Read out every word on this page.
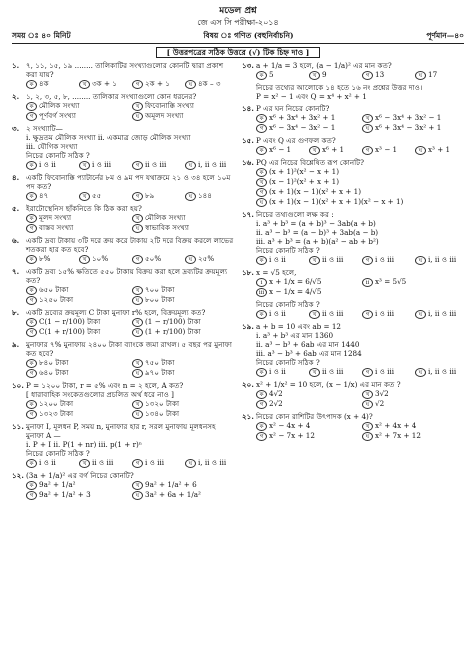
মডেল প্রশ্ন
জে এস সি পরীক্ষা-২০১৪
সময় ঃ ৪০ মিনিট	বিষয় ঃ গণিত (বহুনির্বাচনি)	পূর্ণমান—৪০
[ উত্তরপত্রের সঠিক উত্তরে (√) টিক চিহ্ন দাও ]
১. ৭, ১১, ১৫, ১৯ ........ তালিকাটির সংখ্যাগুলোর কোনটি দ্বারা প্রকাশ করা যায়?
ক ৪ক	খ ৩ক + ১	গ ২ক + ১	ঘ ৪ক – ৩
২. ১, ২, ৩, ৫, ৮, ........ তালিকার সংখ্যাগুলো কোন ধরনের?
ক মৌলিক সংখ্যা	খ ফিবোনাক্কি সংখ্যা
গ পূর্ণবর্গ সংখ্যা	ঘ অমূলদ সংখ্যা
৩. ২ সংখ্যাটি—
i. ক্ষুদ্রতম মৌলিক সংখ্যা ii. একমাত্র জোড় মৌলিক সংখ্যা
iii. যৌগিক সংখ্যা
নিচের কোনটি সঠিক ?
ক i ও ii	খ i ও iii	গ ii ও iii	ঘ i, ii ও iii
৪. একটি ফিবোনাক্কি প্যাটার্নের ৮ম ও ৯ম পদ যথাক্রমে ২১ ও ৩৪ হলে ১০ম পদ কত?
ক ৪৭	খ ৫৫	গ ৮৯	ঘ ১৪৪
৫. ইরাটোস্থেনিস ছাঁকনিতে কি ঠিক করা হয়?
ক মূলদ সংখ্যা	খ মৌলিক সংখ্যা
গ বাস্তব সংখ্যা	ঘ স্বাভাবিক সংখ্যা
৬. একটি দ্রব্য টাকায় ৩টি দরে ক্রয় করে টাকায় ২টি দরে বিক্রয় করলে লাভের শতকরা হার কত হবে?
ক ৮%	খ ১০%	গ ৫০%	ঘ ২৫%
৭. একটি দ্রব্য ১৫% ক্ষতিতে ৫৫০ টাকায় বিক্রয় করা হলে দ্রব্যটির ক্রয়মূল্য কত?
ক ৬৫০ টাকা	খ ৭০০ টাকা
গ ১২৫০ টাকা	ঘ ৮০০ টাকা
৮. একটি দ্রব্যের ক্রয়মূল্য C টাকা মুনাফা r% হলে, বিক্রয়মূল্য কত?
ক C(1 − r/100) টাকা	খ (1 − r/100) টাকা
গ C(1 + r/100) টাকা	ঘ (1 + r/100) টাকা
৯. মুনাফার ৭% মুনাফায় ২৪০০ টাকা ব্যাংকে জমা রাখল। ৫ বছর পর মুনাফা কত হবে?
ক ৮৪০ টাকা	খ ৭৫০ টাকা
গ ৬৪০ টাকা	ঘ ৯৭০ টাকা
১০. P = ১২০০ টাকা, r = ৫% এবং n = ২ হলে, A কত?
[ ধারাবাহিক সংকেতগুলোর প্রচলিত অর্থ ধরে নাও ]
ক ১২০০ টাকা	খ ১৩২০ টাকা
গ ১৩২৩ টাকা	ঘ ১৩৪০ টাকা
১১. মুনাফা I, মূলধন P, সময় n, মুনাফার হার r, সরল মুনাফায় মূলধনসহ মুনাফা A —
i. P + I ii. P(1 + nr) iii. p(1 + r)ⁿ
নিচের কোনটি সঠিক ?
ক i ও ii	খ ii ও iii	গ i ও iii	ঘ i, ii ও iii
১২. (3a + 1/a)² এর বর্গ নিচের কোনটি?
ক 9a² + 1/a²	খ 9a² + 1/a² + 6
গ 9a² + 1/a² + 3	ঘ 3a² + 6a + 1/a²
১৩. a + 1/a = 3 হলে, (a − 1/a)² এর মান কত?
ক 5	খ 9	গ 13	ঘ 17
নিচের তথ্যের আলোকে ১৪ হতে ১৬ নং প্রশ্নের উত্তর দাও।
P = x² − 1 এবং Q = x⁴ + x² + 1
১৪. P এর ঘন নিচের কোনটি?
ক x⁶ + 3x⁴ + 3x² + 1	খ x⁶ − 3x⁴ + 3x² − 1
গ x⁶ − 3x⁴ − 3x² − 1	ঘ x⁶ + 3x⁴ − 3x² + 1
১৫. P এবং Q এর গুণফল কত?
ক x⁶ − 1	খ x⁶ + 1	গ x³ − 1	ঘ x³ + 1
১৬. PQ এর নিচের বিশ্লেষিত রূপ কোনটি?
ক (x + 1)²(x² − x + 1)
খ (x − 1)²(x² + x + 1)
গ (x + 1)(x − 1)(x² + x + 1)
ঘ (x + 1)(x − 1)(x² + x + 1)(x² − x + 1)
১৭. নিচের তথ্যগুলো লক্ষ কর :
i. a³ + b³ = (a + b)³ − 3ab(a + b)
ii. a³ − b³ = (a − b)³ + 3ab(a − b)
iii. a³ + b³ = (a + b)(a² − ab + b²)
নিচের কোনটি সঠিক ?
ক i ও ii	খ ii ও iii	গ i ও iii	ঘ i, ii ও iii
১৮. x = √5 হলে,
i x + 1/x = 6/√5	ii x³ = 5√5
iii x − 1/x = 4/√5
নিচের কোনটি সঠিক ?
ক i ও ii	খ ii ও iii	গ i ও iii	ঘ i, ii ও iii
১৯. a + b = 10 এবং ab = 12
i. a³ + b³ এর মান 1360
ii. a³ − b³ + 6ab এর মান 1440
iii. a³ − b³ + 6ab এর মান 1284
নিচের কোনটি সঠিক ?
ক i ও ii	খ ii ও iii	গ i ও iii	ঘ i, ii ও iii
২০. x² + 1/x² = 10 হলে, (x − 1/x) এর মান কত ?
ক 4√2	খ 3√2
গ 2√2	ঘ √2
২১. নিচের কোন রাশিটির উৎপাদক (x + 4)?
ক x² − 4x + 4	খ x² + 4x + 4
গ x² − 7x + 12	ঘ x² + 7x + 12
